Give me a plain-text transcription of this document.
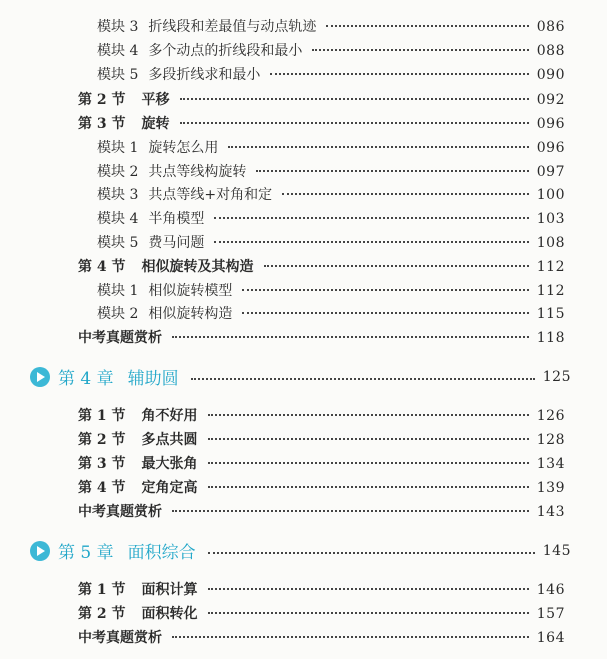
模块 3 折线段和差最值与动点轨迹	086
模块 4 多个动点的折线段和最小	088
模块 5 多段折线求和最小	090
第 2 节 平移	092
第 3 节 旋转	096
模块 1 旋转怎么用	096
模块 2 共点等线构旋转	097
模块 3 共点等线+对角和定	100
模块 4 半角模型	103
模块 5 费马问题	108
第 4 节 相似旋转及其构造	112
模块 1 相似旋转模型	112
模块 2 相似旋转构造	115
中考真题赏析	118
第 4 章 辅助圆	125
第 1 节 角不好用	126
第 2 节 多点共圆	128
第 3 节 最大张角	134
第 4 节 定角定高	139
中考真题赏析	143
第 5 章 面积综合	145
第 1 节 面积计算	146
第 2 节 面积转化	157
中考真题赏析	164
